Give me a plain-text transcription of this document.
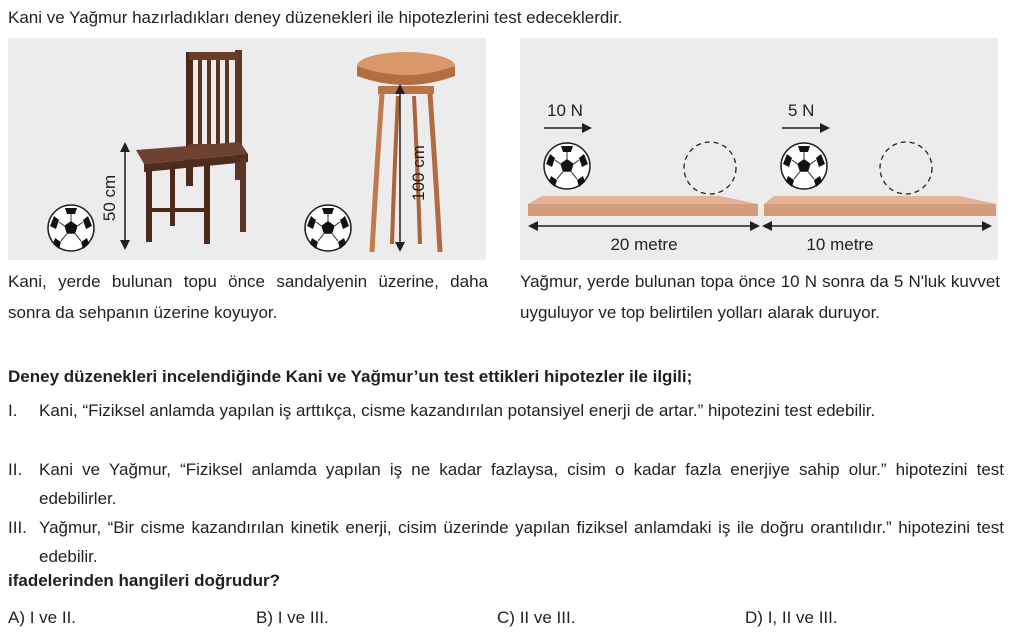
Kani ve Yağmur hazırladıkları deney düzenekleri ile hipotezlerini test edeceklerdir.
50 cm	100 cm
10 N	5 N
20 metre	10 metre
Kani, yerde bulunan topu önce sandalyenin üzerine, daha sonra da sehpanın üzerine koyuyor.
Yağmur, yerde bulunan topa önce 10 N sonra da 5 N'luk kuvvet uyguluyor ve top belirtilen yolları alarak duruyor.
Deney düzenekleri incelendiğinde Kani ve Yağmur’un test ettikleri hipotezler ile ilgili;
I. Kani, “Fiziksel anlamda yapılan iş arttıkça, cisme kazandırılan potansiyel enerji de artar.” hipotezini test edebilir.
II. Kani ve Yağmur, “Fiziksel anlamda yapılan iş ne kadar fazlaysa, cisim o kadar fazla enerjiye sahip olur.” hipotezini test edebilirler.
III. Yağmur, “Bir cisme kazandırılan kinetik enerji, cisim üzerinde yapılan fiziksel anlamdaki iş ile doğru orantılıdır.” hipotezini test edebilir.
ifadelerinden hangileri doğrudur?
A) I ve II.	B) I ve III.	C) II ve III.	D) I, II ve III.
